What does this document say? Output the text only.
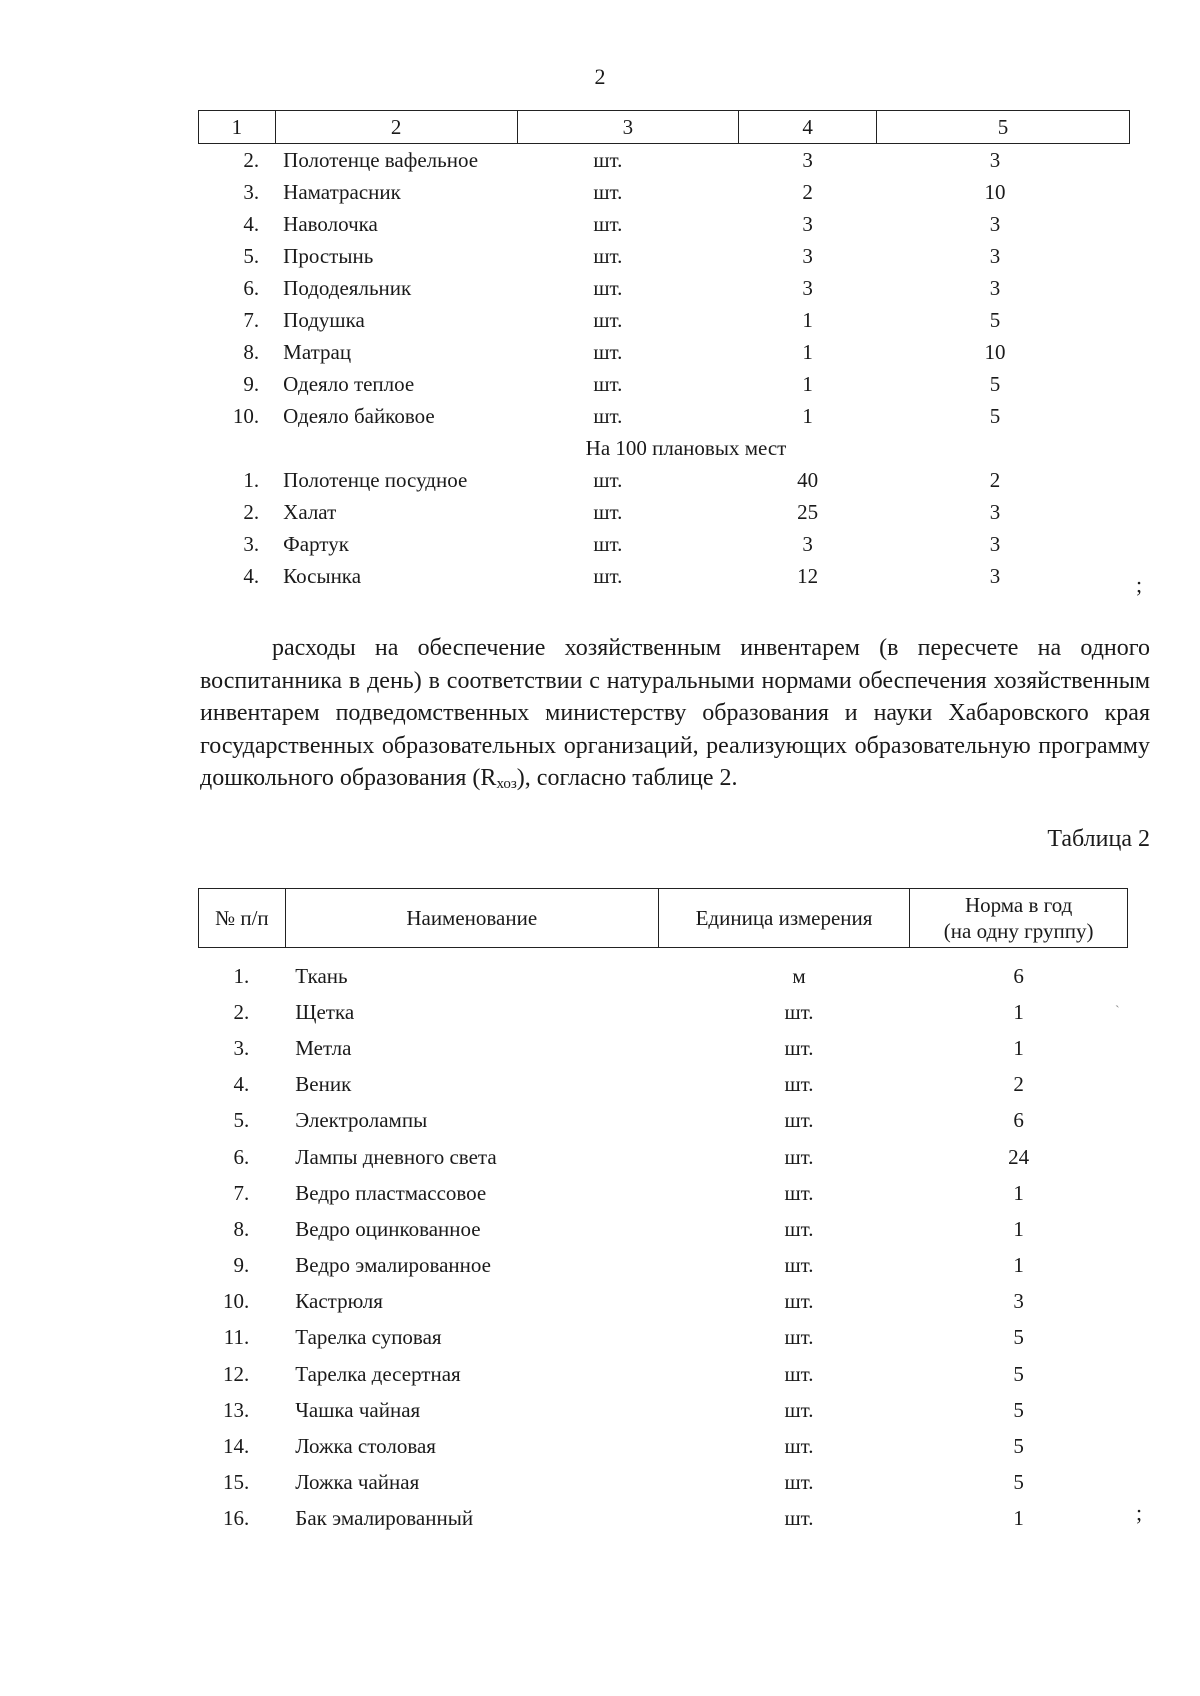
2
1	2	3	4	5
2.	Полотенце вафельное	шт.	3	3
3.	Наматрасник	шт.	2	10
4.	Наволочка	шт.	3	3
5.	Простынь	шт.	3	3
6.	Пододеяльник	шт.	3	3
7.	Подушка	шт.	1	5
8.	Матрац	шт.	1	10
9.	Одеяло теплое	шт.	1	5
10.	Одеяло байковое	шт.	1	5
На 100 плановых мест				
1.	Полотенце посудное	шт.	40	2
2.	Халат	шт.	25	3
3.	Фартук	шт.	3	3
4.	Косынка	шт.	12	3	;
расходы на обеспечение хозяйственным инвентарем (в пересчете на одного воспитанника в день) в соответствии с натуральными нормами обеспечения хозяйственным инвентарем подведомственных министерству образования и науки Хабаровского края государственных образовательных организаций, реализующих образовательную программу дошкольного образования $(R_{хоз})$, согласно таблице 2.
Таблица 2
№ п/п	Наименование	Единица измерения	Норма в год
(на одну группу)

1.	Ткань	м	6
2.	Щетка	шт.	1
3.	Метла	шт.	1
4.	Веник	шт.	2
5.	Электролампы	шт.	6
6.	Лампы дневного света	шт.	24
7.	Ведро пластмассовое	шт.	1
8.	Ведро оцинкованное	шт.	1
9.	Ведро эмалированное	шт.	1
10.	Кастрюля	шт.	3
11.	Тарелка суповая	шт.	5
12.	Тарелка десертная	шт.	5
13.	Чашка чайная	шт.	5
14.	Ложка столовая	шт.	5
15.	Ложка чайная	шт.	5
16.	Бак эмалированный	шт.	1
`
;
